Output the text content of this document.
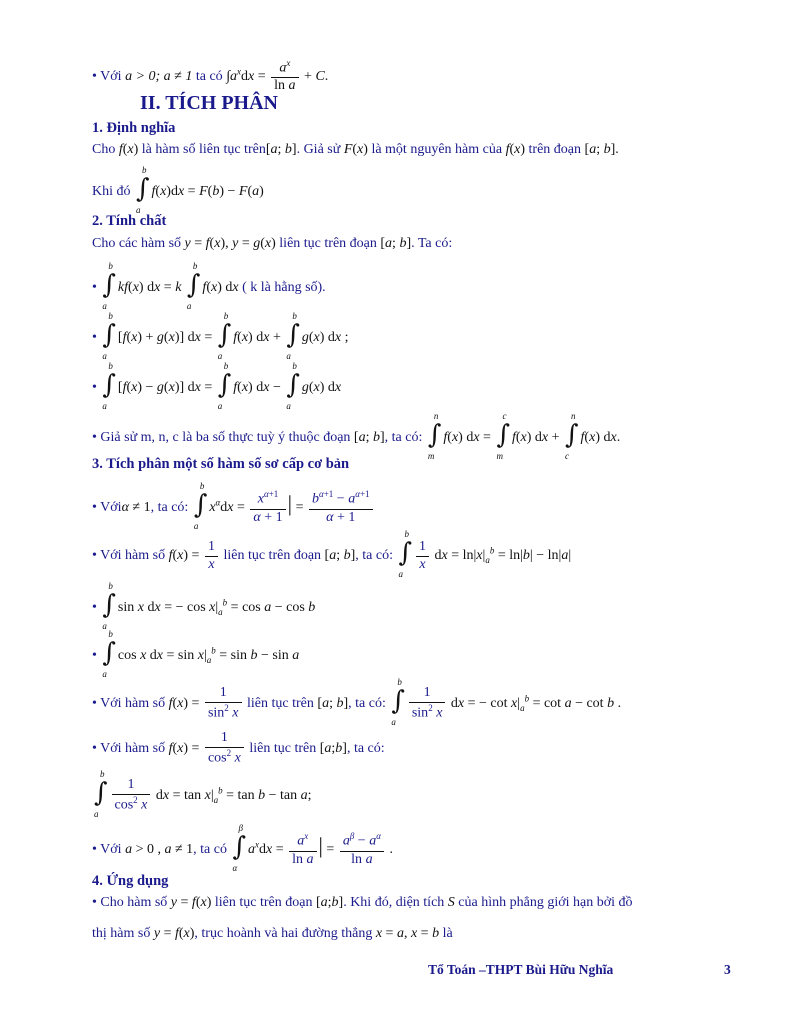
• Với a > 0; a ≠ 1 ta có $\int a^xdx = \frac{a^x}{\text{ln a}} + C$.
II. TÍCH PHÂN
1. Định nghĩa
Cho f(x) là hàm số liên tục trên[a; b]. Giả sử F(x) là một nguyên hàm của f(x) trên đoạn [a; b].
Khi đó
b
∫
a
f(x)dx = F(b) − F(a)
2. Tính chất
Cho các hàm số y = f(x), y = g(x) liên tục trên đoạn [a; b]. Ta có:
•
b
∫
a
kf(x) dx = k
b
∫
a
f(x) dx ( k là hằng số).
•
b
∫
a
[f(x) + g(x)] dx =
b
∫
a
f(x) dx +
b
∫
a
g(x) dx ;
•
b
∫
a
[f(x) − g(x)] dx =
b
∫
a
f(x) dx −
b
∫
a
g(x) dx
• Giả sử m, n, c là ba số thực tuỳ ý thuộc đoạn [a; b], ta có:
n
∫
m
f(x) dx =
c
∫
m
f(x) dx +
n
∫
c
f(x) dx.
3. Tích phân một số hàm số sơ cấp cơ bản
• Vớiα ≠ 1, ta có:
b
∫
a
$x^\alpha dx = \frac{x^{\alpha+1}}{\alpha + 1}$ | = $\frac{b^{\alpha+1} - a^{\alpha+1}}{\alpha + 1}$
• Với hàm số $f(x) = \frac{1}{x}$ liên tục trên đoạn [a; b], ta có:
b
∫
a

$\frac{1}{x}$ dx = $\ln|x|_a^b = \ln|b| - \ln|a|$
•
b
∫
a
sin x dx = − $\cos x|_a^b = \cos a - \cos b$
•
b
∫
a
cos x dx = $\sin x|_a^b = \sin b - \sin a$
• Với hàm số $f(x) = \frac{1}{\sin^2 x}$ liên tục trên [a; b], ta có:
b
∫
a
$\frac{1}{\sin^2 x}$ dx = − $\cot x|_a^b = \cot a - \cot b$ .
• Với hàm số $f(x) = \frac{1}{\cos^2 x}$ liên tục trên [a;b], ta có:
b
∫
a
$\frac{1}{\cos^2 x}$ dx = $\tan x|_a^b = \tan b - \tan a$;
• Với a > 0 , a ≠ 1, ta có
β
∫
α
$a^xdx = \frac{a^x}{\text{ln a}}$ | = $\frac{a^\beta - a^\alpha}{\text{ln a}}$ .
4. Ứng dụng
• Cho hàm số y = f(x) liên tục trên đoạn [a;b]. Khi đó, diện tích S của hình phẳng giới hạn bởi đồ
thị hàm số y = f(x), trục hoành và hai đường thẳng x = a, x = b là
Tổ Toán –THPT Bùi Hữu Nghĩa	3
